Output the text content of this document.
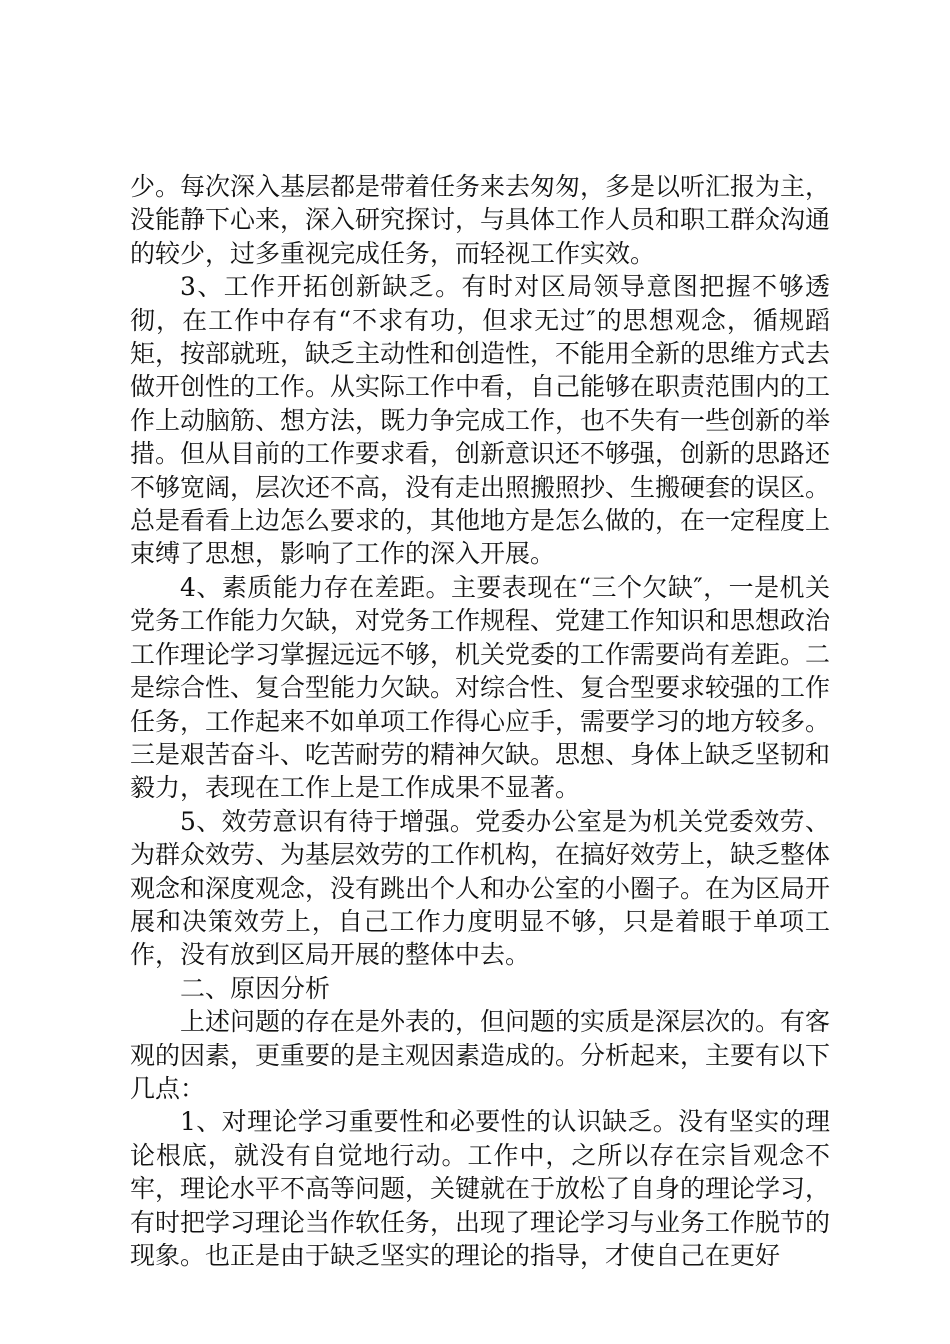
少。每次深入基层都是带着任务来去匆匆，多是以听汇报为主，没能静下心来，深入研究探讨，与具体工作人员和职工群众沟通的较少，过多重视完成任务，而轻视工作实效。

3、工作开拓创新缺乏。有时对区局领导意图把握不够透彻，在工作中存有“不求有功，但求无过″的思想观念，循规蹈矩，按部就班，缺乏主动性和创造性，不能用全新的思维方式去做开创性的工作。从实际工作中看，自己能够在职责范围内的工作上动脑筋、想方法，既力争完成工作，也不失有一些创新的举措。但从目前的工作要求看，创新意识还不够强，创新的思路还不够宽阔，层次还不高，没有走出照搬照抄、生搬硬套的误区。总是看看上边怎么要求的，其他地方是怎么做的，在一定程度上束缚了思想，影响了工作的深入开展。

4、素质能力存在差距。主要表现在“三个欠缺″，一是机关党务工作能力欠缺，对党务工作规程、党建工作知识和思想政治工作理论学习掌握远远不够，机关党委的工作需要尚有差距。二是综合性、复合型能力欠缺。对综合性、复合型要求较强的工作任务，工作起来不如单项工作得心应手，需要学习的地方较多。三是艰苦奋斗、吃苦耐劳的精神欠缺。思想、身体上缺乏坚韧和毅力，表现在工作上是工作成果不显著。

5、效劳意识有待于增强。党委办公室是为机关党委效劳、为群众效劳、为基层效劳的工作机构，在搞好效劳上，缺乏整体观念和深度观念，没有跳出个人和办公室的小圈子。在为区局开展和决策效劳上，自己工作力度明显不够，只是着眼于单项工作，没有放到区局开展的整体中去。

二、原因分析

上述问题的存在是外表的，但问题的实质是深层次的。有客观的因素，更重要的是主观因素造成的。分析起来，主要有以下几点：

1、对理论学习重要性和必要性的认识缺乏。没有坚实的理论根底，就没有自觉地行动。工作中，之所以存在宗旨观念不牢，理论水平不高等问题，关键就在于放松了自身的理论学习，有时把学习理论当作软任务，出现了理论学习与业务工作脱节的现象。也正是由于缺乏坚实的理论的指导，才使自己在更好
